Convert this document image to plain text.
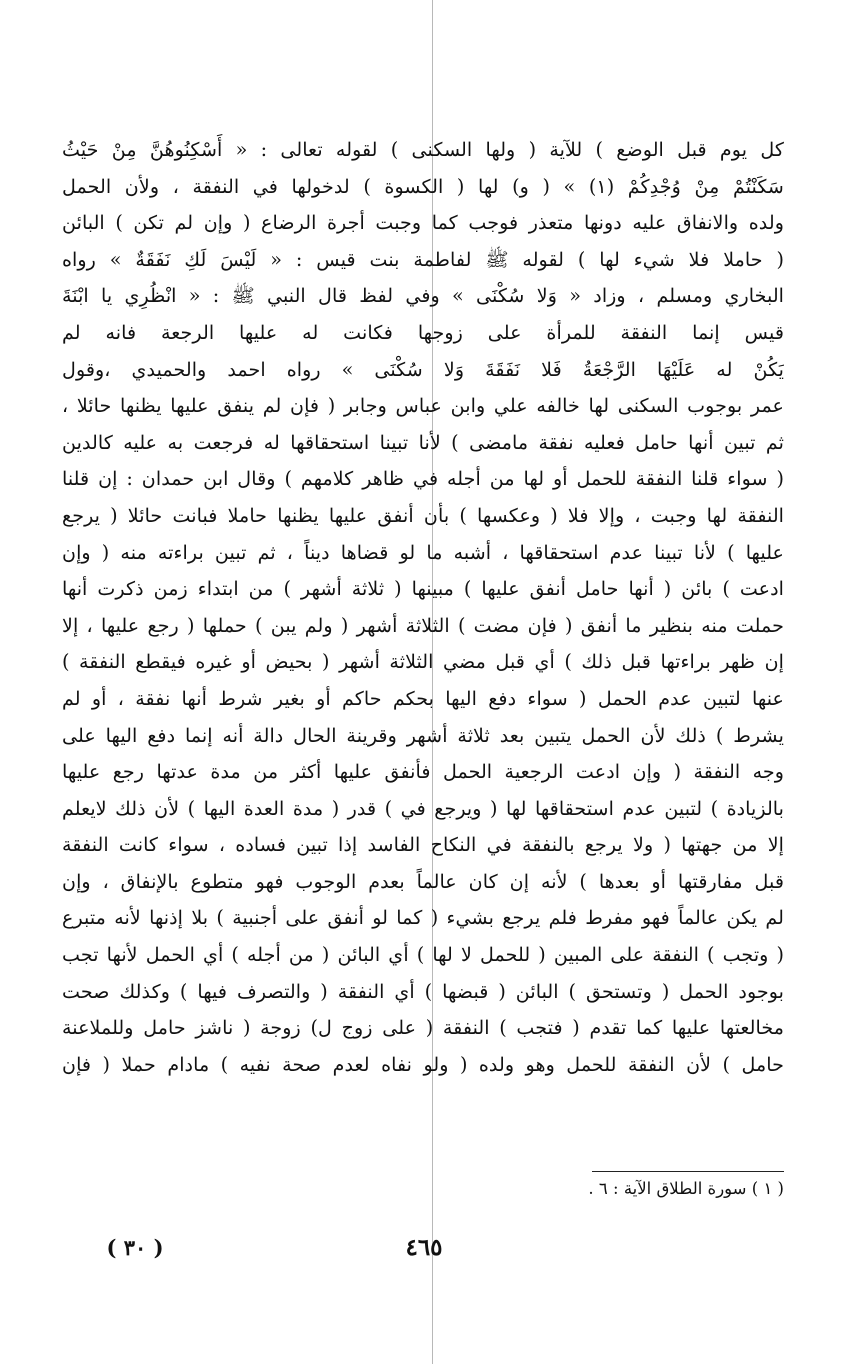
كل يوم قبل الوضع ) للآية ( ولها السكنى ) لقوله تعالى : « أَسْكِنُوهُنَّ مِنْ حَيْثُ
سَكَنْتُمْ مِنْ وُجْدِكُمْ (١) » ( و) لها ( الكسوة ) لدخولها في النفقة ، ولأن الحمل
ولده والانفاق عليه دونها متعذر فوجب كما وجبت أجرة الرضاع ( وإن لم تكن ) البائن
( حاملا فلا شيء لها ) لقوله ﷺ لفاطمة بنت قيس : « لَيْسَ لَكِ نَفَقَةٌ » رواه
البخاري ومسلم ، وزاد « وَلا سُكْنَى » وفي لفظ قال النبي ﷺ : « انْظُرِي يا ابْنَةَ
قيس إنما النفقة للمرأة على زوجها فكانت له عليها الرجعة فانه لم
يَكُنْ له عَلَيْهَا الرَّجْعَةُ فَلا نَفَقَةَ وَلا سُكْنَى » رواه احمد والحميدي ،وقول
عمر بوجوب السكنى لها خالفه علي وابن عباس وجابر ( فإن لم ينفق عليها يظنها حائلا ،
ثم تبين أنها حامل فعليه نفقة مامضى ) لأنا تبينا استحقاقها له فرجعت به عليه كالدين
( سواء قلنا النفقة للحمل أو لها من أجله في ظاهر كلامهم ) وقال ابن حمدان : إن قلنا
النفقة لها وجبت ، وإلا فلا ( وعكسها ) بأن أنفق عليها يظنها حاملا فبانت حائلا ( يرجع
عليها ) لأنا تبينا عدم استحقاقها ، أشبه ما لو قضاها ديناً ، ثم تبين براءته منه ( وإن
ادعت ) بائن ( أنها حامل أنفق عليها ) مبينها ( ثلاثة أشهر ) من ابتداء زمن ذكرت أنها
حملت منه بنظير ما أنفق ( فإن مضت ) الثلاثة أشهر ( ولم يبن ) حملها ( رجع عليها ، إلا
إن ظهر براءتها قبل ذلك ) أي قبل مضي الثلاثة أشهر ( بحيض أو غيره فيقطع النفقة )
عنها لتبين عدم الحمل ( سواء دفع اليها بحكم حاكم أو بغير شرط أنها نفقة ، أو لم
يشرط ) ذلك لأن الحمل يتبين بعد ثلاثة أشهر وقرينة الحال دالة أنه إنما دفع اليها على
وجه النفقة ( وإن ادعت الرجعية الحمل فأنفق عليها أكثر من مدة عدتها رجع عليها
بالزيادة ) لتبين عدم استحقاقها لها ( ويرجع في ) قدر ( مدة العدة اليها ) لأن ذلك لايعلم
إلا من جهتها ( ولا يرجع بالنفقة في النكاح الفاسد إذا تبين فساده ، سواء كانت النفقة
قبل مفارقتها أو بعدها ) لأنه إن كان عالماً بعدم الوجوب فهو متطوع بالإنفاق ، وإن
لم يكن عالماً فهو مفرط فلم يرجع بشيء ( كما لو أنفق على أجنبية ) بلا إذنها لأنه متبرع
( وتجب ) النفقة على المبين ( للحمل لا لها ) أي البائن ( من أجله ) أي الحمل لأنها تجب
بوجود الحمل ( وتستحق ) البائن ( قبضها ) أي النفقة ( والتصرف فيها ) وكذلك صحت
مخالعتها عليها كما تقدم ( فتجب ) النفقة ( على زوج ل) زوجة ( ناشز حامل وللملاعنة
حامل ) لأن النفقة للحمل وهو ولده ( ولو نفاه لعدم صحة نفيه ) مادام حملا ( فإن
( ١ ) سورة الطلاق الآية : ٦ .
( ٣٠ )	٤٦٥
